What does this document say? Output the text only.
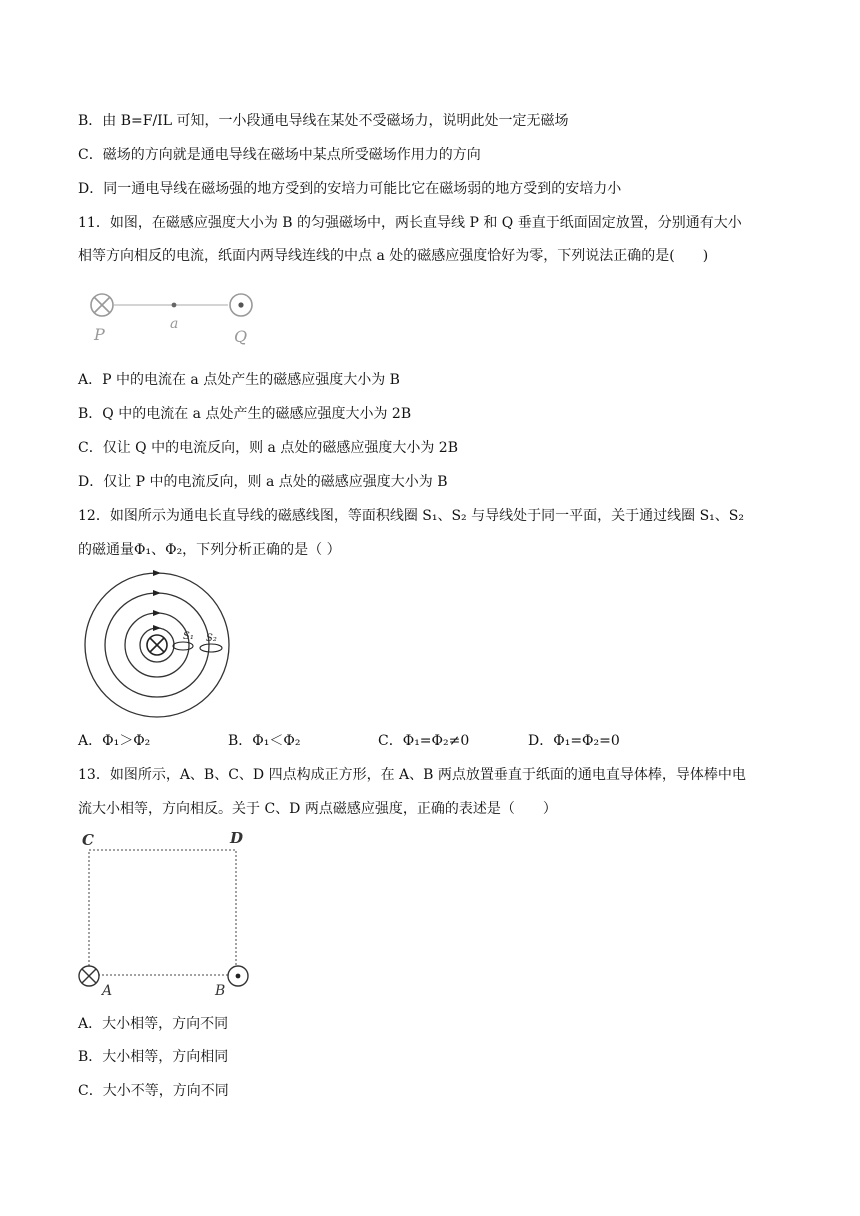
B．由 B=F/IL 可知，一小段通电导线在某处不受磁场力，说明此处一定无磁场
C．磁场的方向就是通电导线在磁场中某点所受磁场作用力的方向
D．同一通电导线在磁场强的地方受到的安培力可能比它在磁场弱的地方受到的安培力小
11．如图，在磁感应强度大小为 B 的匀强磁场中，两长直导线 P 和 Q 垂直于纸面固定放置，分别通有大小
相等方向相反的电流，纸面内两导线连线的中点 a 处的磁感应强度恰好为零，下列说法正确的是(　　)
P
a
Q
A．P 中的电流在 a 点处产生的磁感应强度大小为 B
B．Q 中的电流在 a 点处产生的磁感应强度大小为 2B
C．仅让 Q 中的电流反向，则 a 点处的磁感应强度大小为 2B
D．仅让 P 中的电流反向，则 a 点处的磁感应强度大小为 B
12．如图所示为通电长直导线的磁感线图，等面积线圈 S₁、S₂ 与导线处于同一平面，关于通过线圈 S₁、S₂
的磁通量Φ₁、Φ₂，下列分析正确的是（ ）
S₁ S₂
A．Φ₁＞Φ₂	B．Φ₁＜Φ₂	C．Φ₁=Φ₂≠0	D．Φ₁=Φ₂=0
13．如图所示，A、B、C、D 四点构成正方形，在 A、B 两点放置垂直于纸面的通电直导体棒，导体棒中电
流大小相等，方向相反。关于 C、D 两点磁感应强度，正确的表述是（　　）
C	D
A	B
A．大小相等，方向不同
B．大小相等，方向相同
C．大小不等，方向不同
